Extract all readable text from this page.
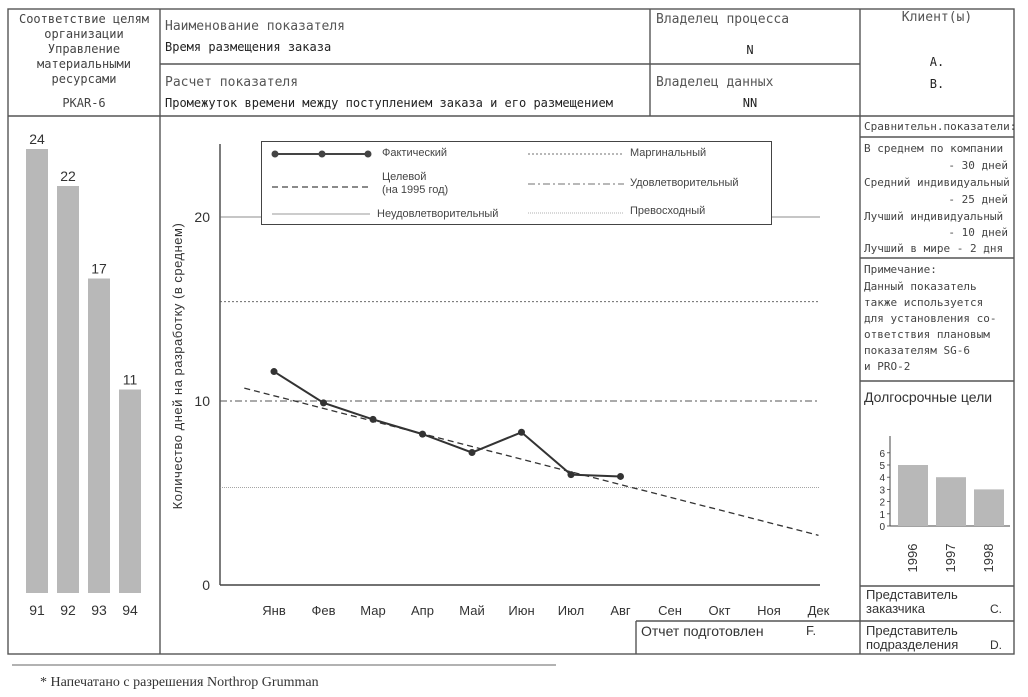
Соответствие целям организации
Управление материальными ресурсами
PKAR-6
Наименование показателя
Время размещения заказа
Расчет показателя
Промежуток времени между поступлением заказа и его размещением
Владелец процесса
N
Владелец данных
NN
Клиент(ы)
A.
B.
24
91
22
92
17
93
11
94
0
10
20
Количество дней на разработку (в среднем)
Янв Фев Мар Апр Май Июн Июл Авг Сен Окт Ноя Дек
Фактический
Целевой
(на 1995 год)
Неудовлетворительный
Маргинальный
Удовлетворительный
Превосходный
Сравнительн.показатели:
В среднем по компании
- 30 дней
Средний индивидуальный
- 25 дней
Лучший индивидуальный
- 10 дней
Лучший в мире - 2 дня
Примечание:
Данный показатель
также используется
для установления со-
ответствия плановым
показателям SG-6
и PRO-2
Долгосрочные цели
0
1
2
3
4
5
6
1996 1997 1998
Отчет подготовлен	F.
Представитель заказчика	C.
Представитель подразделения	D.
* Напечатано с разрешения Northrop Grumman
